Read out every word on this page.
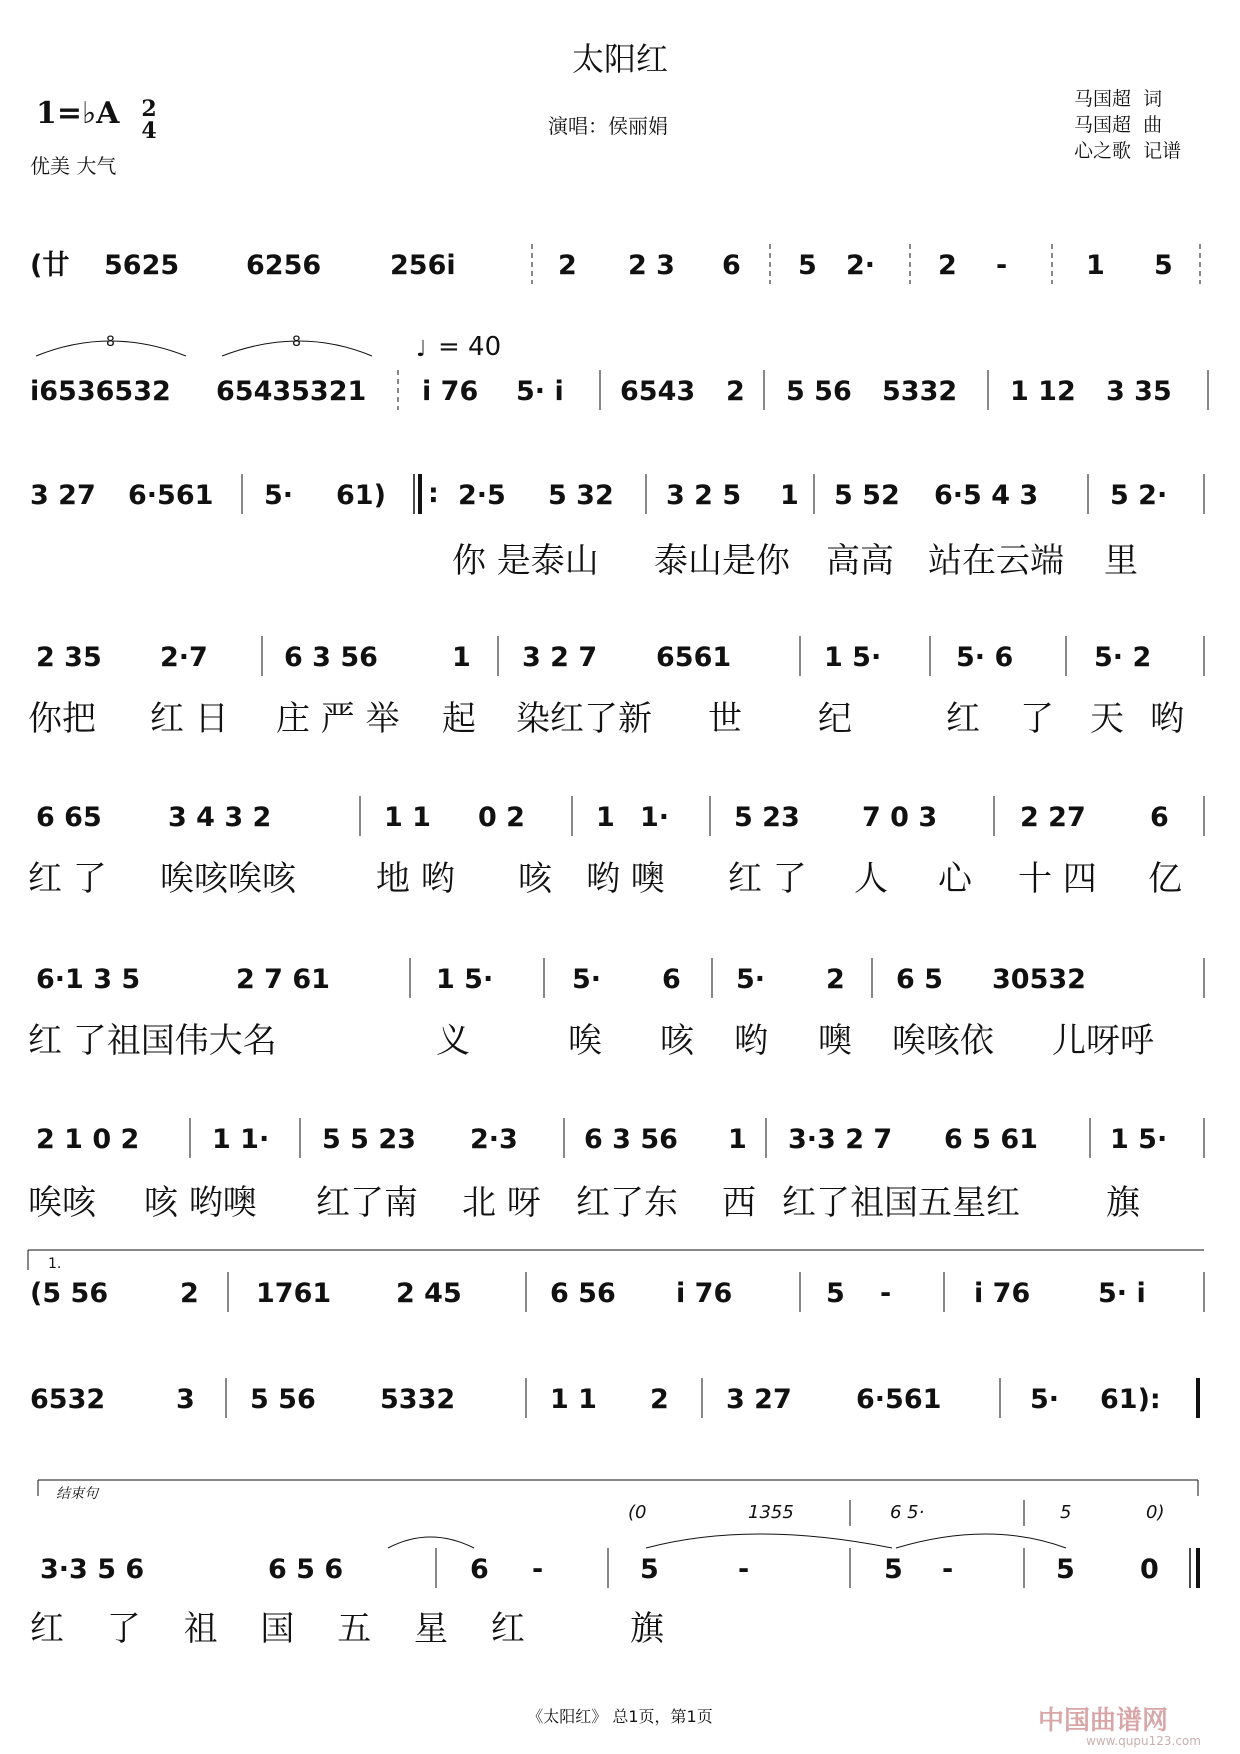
太阳红
1=♭A 2
4
优美 大气
演唱：侯丽娟
马国超  词
马国超  曲
心之歌  记谱
(廿 5625 6256	256i	2 2 3 6 5 2· 2 -	1 5
8	8
i6536532 65435321
♩ = 40
i 76 5· i 6543 2 5 56 5332 1 12 3 35
3 27 6·561 5· 61) : 2·5 5 32 3 2 5 1 5 52 6·5 4 3	5 2·
你 是泰山 泰山是你 高高 站在云端 里
2 35 2·7	6 3 56	1 3 2 7 6561	1 5·	5· 6	5· 2
你把 红 日 庄 严 举 起 染红了新 世 纪	红 了 天 哟
6 65 3 4 3 2	1 1 0 2	1 1· 5 23 7 0 3	2 27 6
红 了 唉咳唉咳 地 哟 咳 哟 噢 红 了 人 心 十 四 亿
6·1 3 5	2 7 61	1 5·	5· 6 5· 2 6 5 30532
红 了祖国伟大名	义	唉 咳 哟 噢 唉咳依 儿呀呼
2 1 0 2	1 1· 5 5 23 2·3 6 3 56 1 3·3 2 7 6 5 61	1 5·
唉咳 咳 哟噢 红了南 北 呀 红了东 西 红了祖国五星红	旗
1.
(5 56	2 1761 2 45	6 56 i 76	5 -	i 76	5· i
6532	3 5 56 5332	1 1 2 3 27 6·561	5· 61):
结束句
(0	1355	6 5·	5	0)
3·3 5 6	6 5 6	6 -	5	-	5 -	5 0
红 了 祖 国 五 星 红	旗
《太阳红》 总1页，第1页	中国曲谱网
www.qupu123.com
